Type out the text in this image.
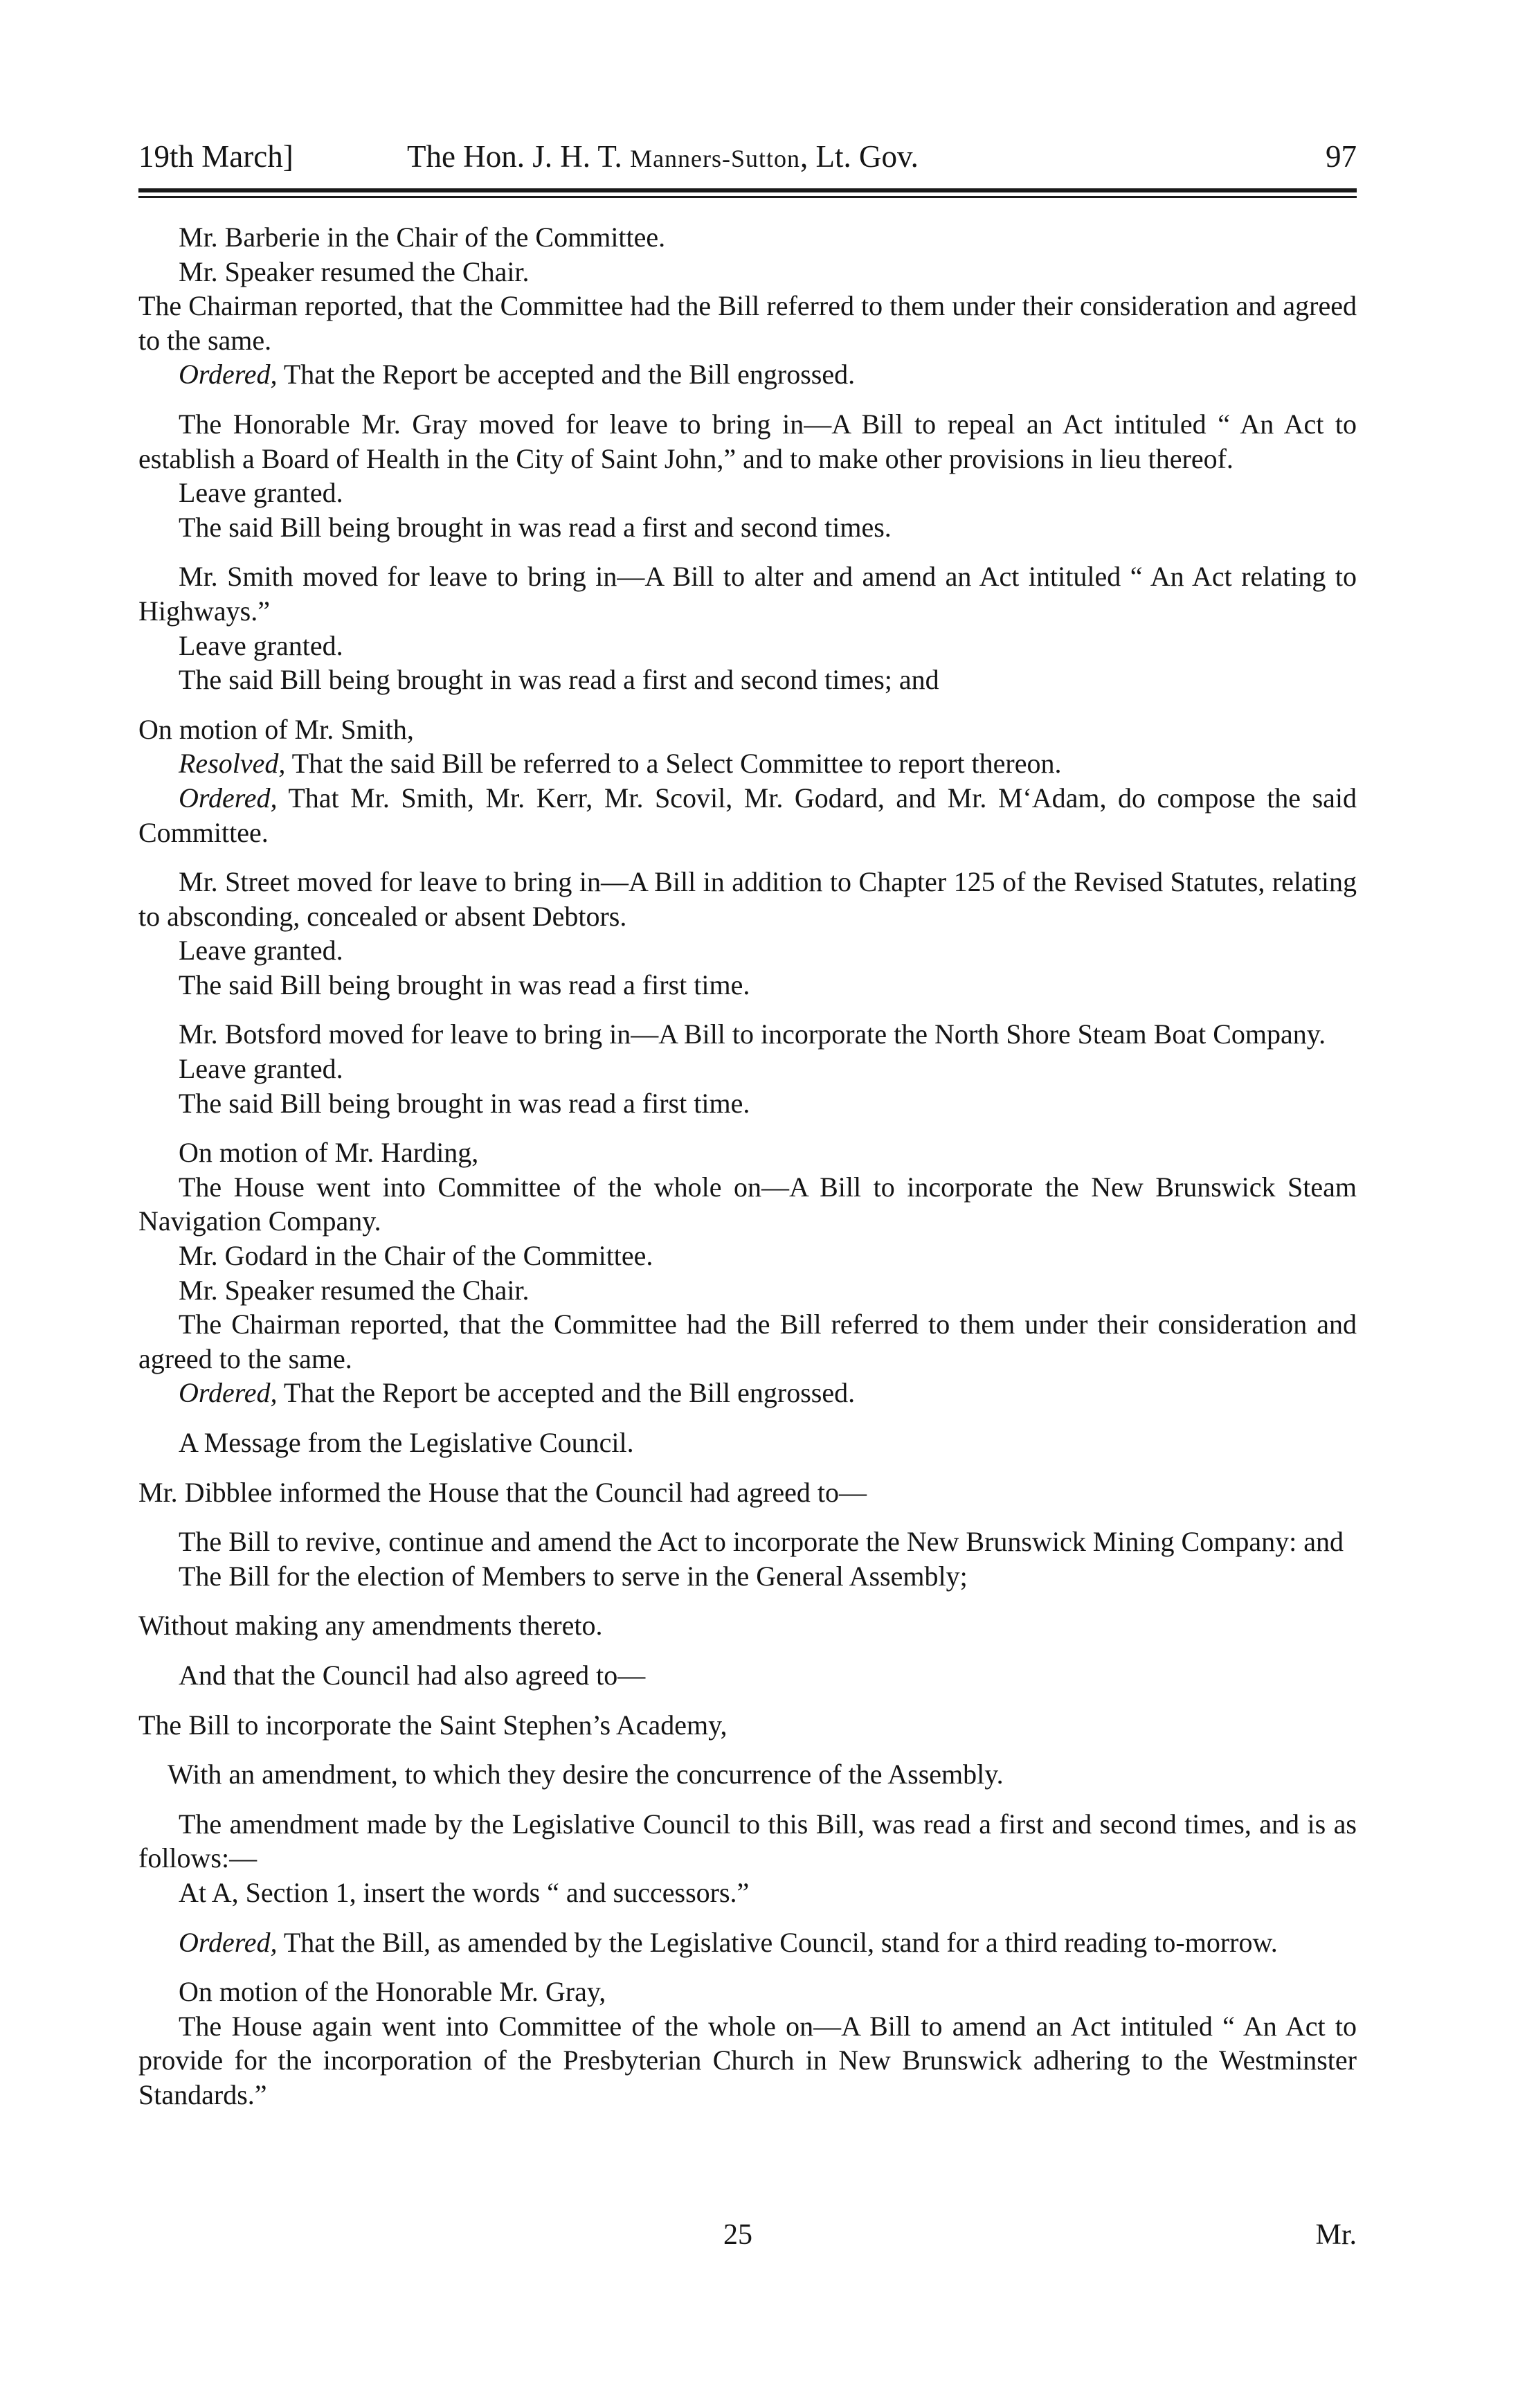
19th March]	The Hon. J. H. T. Manners-Sutton, Lt. Gov.	97

Mr. Barberie in the Chair of the Committee.

Mr. Speaker resumed the Chair.

The Chairman reported, that the Committee had the Bill referred to them under their consideration and agreed to the same.

Ordered, That the Report be accepted and the Bill engrossed.

The Honorable Mr. Gray moved for leave to bring in—A Bill to repeal an Act intituled “ An Act to establish a Board of Health in the City of Saint John,” and to make other provisions in lieu thereof.

Leave granted.

The said Bill being brought in was read a first and second times.

Mr. Smith moved for leave to bring in—A Bill to alter and amend an Act intituled “ An Act relating to Highways.”

Leave granted.

The said Bill being brought in was read a first and second times; and

On motion of Mr. Smith,

Resolved, That the said Bill be referred to a Select Committee to report thereon.

Ordered, That Mr. Smith, Mr. Kerr, Mr. Scovil, Mr. Godard, and Mr. M‘Adam, do compose the said Committee.

Mr. Street moved for leave to bring in—A Bill in addition to Chapter 125 of the Revised Statutes, relating to absconding, concealed or absent Debtors.

Leave granted.

The said Bill being brought in was read a first time.

Mr. Botsford moved for leave to bring in—A Bill to incorporate the North Shore Steam Boat Company.

Leave granted.

The said Bill being brought in was read a first time.

On motion of Mr. Harding,

The House went into Committee of the whole on—A Bill to incorporate the New Brunswick Steam Navigation Company.

Mr. Godard in the Chair of the Committee.

Mr. Speaker resumed the Chair.

The Chairman reported, that the Committee had the Bill referred to them under their consideration and agreed to the same.

Ordered, That the Report be accepted and the Bill engrossed.

A Message from the Legislative Council.

Mr. Dibblee informed the House that the Council had agreed to—

The Bill to revive, continue and amend the Act to incorporate the New Brunswick Mining Company: and

The Bill for the election of Members to serve in the General Assembly;

Without making any amendments thereto.

And that the Council had also agreed to—

The Bill to incorporate the Saint Stephen’s Academy,

With an amendment, to which they desire the concurrence of the Assembly.

The amendment made by the Legislative Council to this Bill, was read a first and second times, and is as follows:—

At A, Section 1, insert the words “ and successors.”

Ordered, That the Bill, as amended by the Legislative Council, stand for a third reading to-morrow.

On motion of the Honorable Mr. Gray,

The House again went into Committee of the whole on—A Bill to amend an Act intituled “ An Act to provide for the incorporation of the Presbyterian Church in New Brunswick adhering to the Westminster Standards.”

25	Mr.
